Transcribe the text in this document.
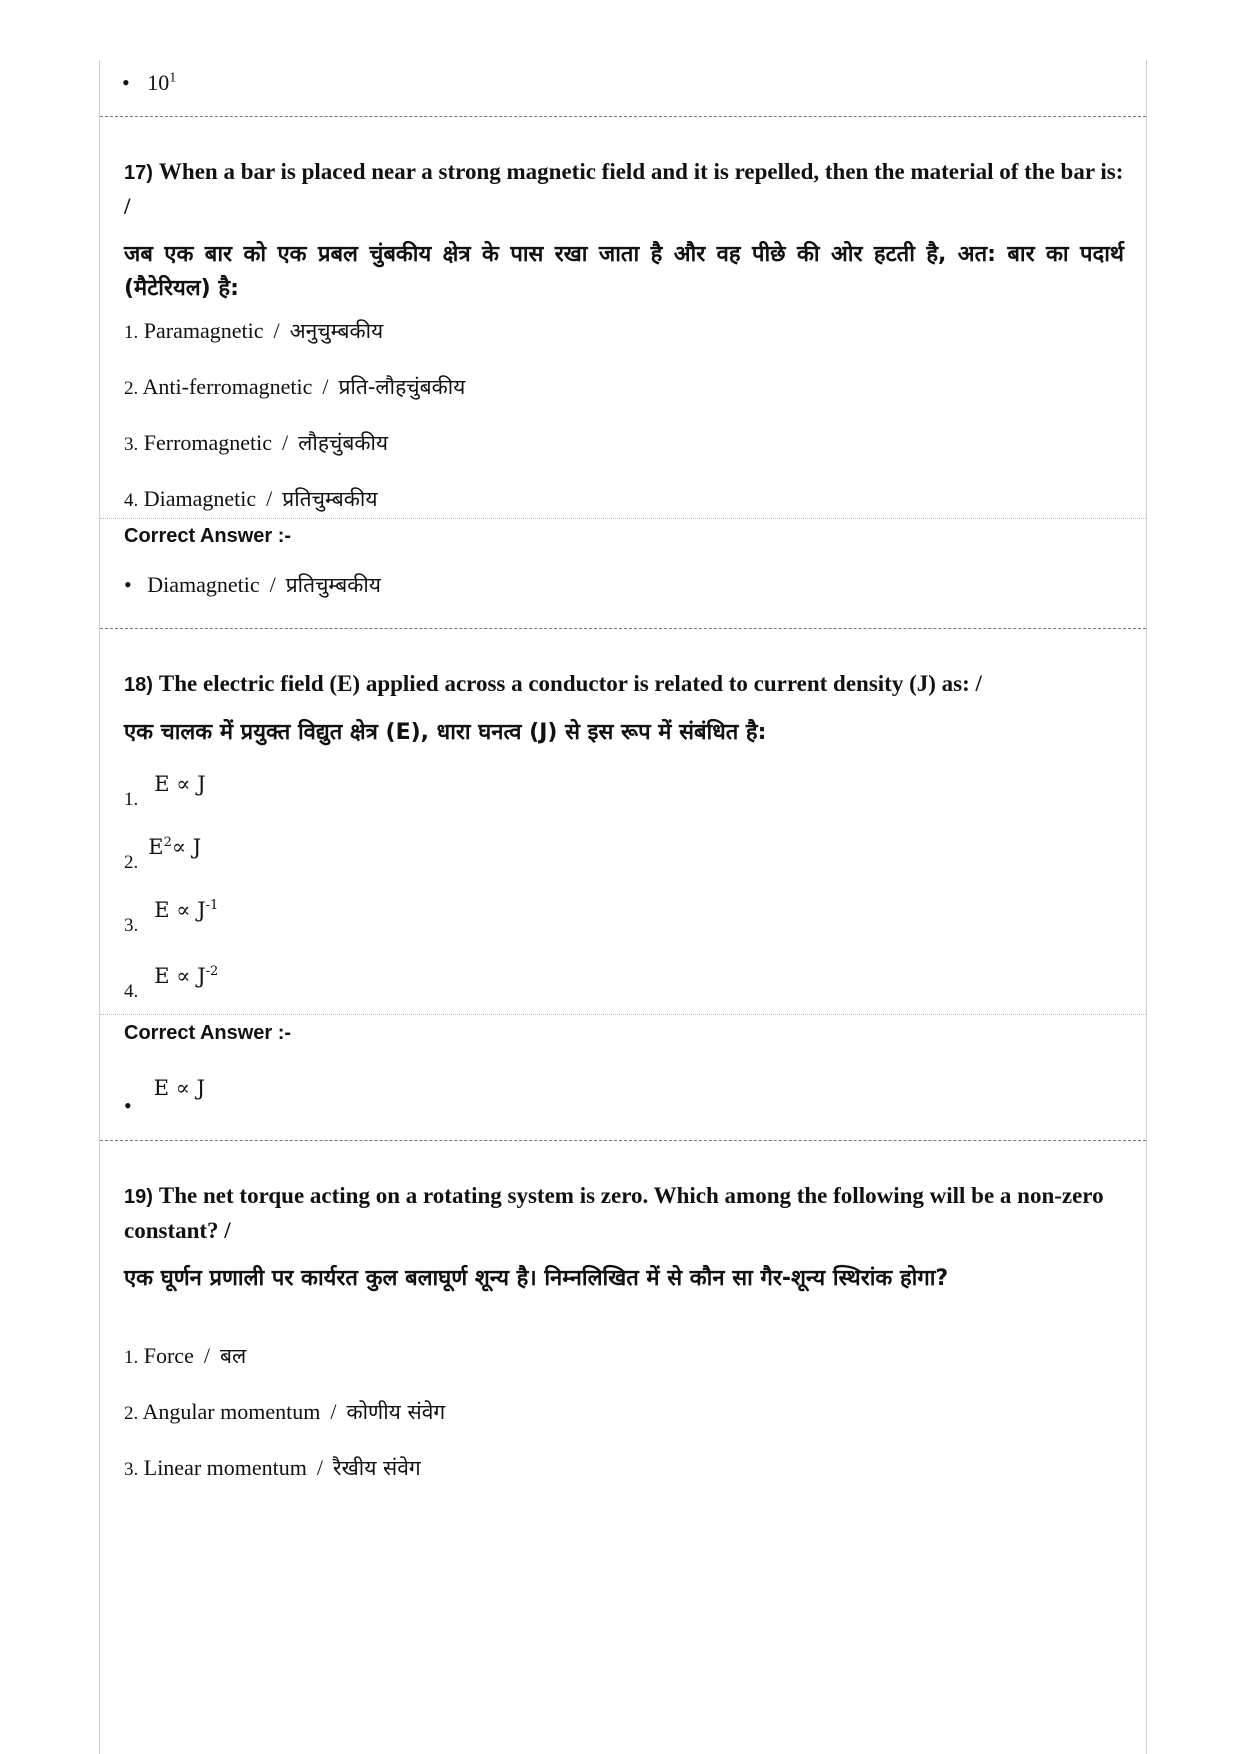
• $10^1$
17) When a bar is placed near a strong magnetic field and it is repelled, then the material of the bar is: /
जब एक बार को एक प्रबल चुंबकीय क्षेत्र के पास रखा जाता है और वह पीछे की ओर हटती है, अत: बार का पदार्थ (मैटेरियल) है:
1. Paramagnetic / अनुचुम्बकीय
2. Anti-ferromagnetic / प्रति-लौहचुंबकीय
3. Ferromagnetic / लौहचुंबकीय
4. Diamagnetic / प्रतिचुम्बकीय
Correct Answer :-
• Diamagnetic / प्रतिचुम्बकीय
18) The electric field (E) applied across a conductor is related to current density (J) as: /
एक चालक में प्रयुक्त विद्युत क्षेत्र (E), धारा घनत्व (J) से इस रूप में संबंधित है:
1. E ∝ J
2. $E^2\propto J$
3. $E \propto J^{-1}$
4. $E \propto J^{-2}$
Correct Answer :-
• E ∝ J
19) The net torque acting on a rotating system is zero. Which among the following will be a non-zero constant? /
एक घूर्णन प्रणाली पर कार्यरत कुल बलाघूर्ण शून्य है। निम्नलिखित में से कौन सा गैर-शून्य स्थिरांक होगा?
1. Force / बल
2. Angular momentum / कोणीय संवेग
3. Linear momentum / रैखीय संवेग
